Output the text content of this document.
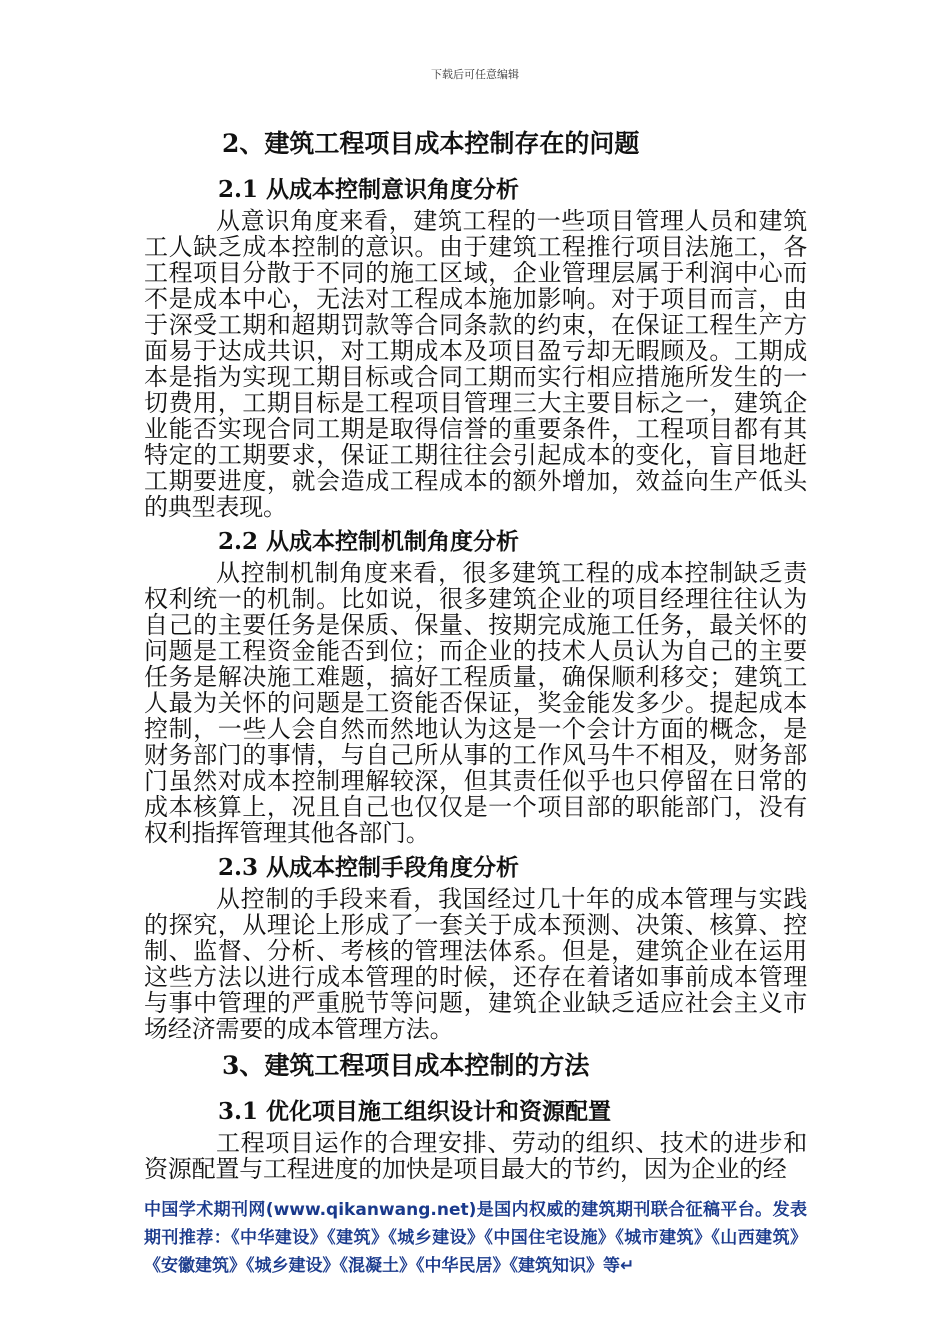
下载后可任意编辑
2、建筑工程项目成本控制存在的问题
2.1 从成本控制意识角度分析

从意识角度来看，建筑工程的一些项目管理人员和建筑工人缺乏成本控制的意识。由于建筑工程推行项目法施工，各工程项目分散于不同的施工区域，企业管理层属于利润中心而不是成本中心，无法对工程成本施加影响。对于项目而言，由于深受工期和超期罚款等合同条款的约束，在保证工程生产方面易于达成共识，对工期成本及项目盈亏却无暇顾及。工期成本是指为实现工期目标或合同工期而实行相应措施所发生的一切费用，工期目标是工程项目管理三大主要目标之一，建筑企业能否实现合同工期是取得信誉的重要条件，工程项目都有其特定的工期要求，保证工期往往会引起成本的变化，盲目地赶工期要进度，就会造成工程成本的额外增加，效益向生产低头的典型表现。

2.2 从成本控制机制角度分析

从控制机制角度来看，很多建筑工程的成本控制缺乏责权利统一的机制。比如说，很多建筑企业的项目经理往往认为自己的主要任务是保质、保量、按期完成施工任务，最关怀的问题是工程资金能否到位；而企业的技术人员认为自己的主要任务是解决施工难题，搞好工程质量，确保顺利移交；建筑工人最为关怀的问题是工资能否保证，奖金能发多少。提起成本控制，一些人会自然而然地认为这是一个会计方面的概念，是财务部门的事情，与自己所从事的工作风马牛不相及，财务部门虽然对成本控制理解较深，但其责任似乎也只停留在日常的成本核算上，况且自己也仅仅是一个项目部的职能部门，没有权利指挥管理其他各部门。

2.3 从成本控制手段角度分析

从控制的手段来看，我国经过几十年的成本管理与实践的探究，从理论上形成了一套关于成本预测、决策、核算、控制、监督、分析、考核的管理法体系。但是，建筑企业在运用这些方法以进行成本管理的时候，还存在着诸如事前成本管理与事中管理的严重脱节等问题，建筑企业缺乏适应社会主义市场经济需要的成本管理方法。

3、建筑工程项目成本控制的方法
3.1 优化项目施工组织设计和资源配置

工程项目运作的合理安排、劳动的组织、技术的进步和资源配置与工程进度的加快是项目最大的节约，因为企业的经

中国学术期刊网(www.qikanwang.net)是国内权威的建筑期刊联合征稿平台。发表期刊推荐：《中华建设》《建筑》《城乡建设》《中国住宅设施》《城市建筑》《山西建筑》《安徽建筑》《城乡建设》《混凝土》《中华民居》《建筑知识》等↵
